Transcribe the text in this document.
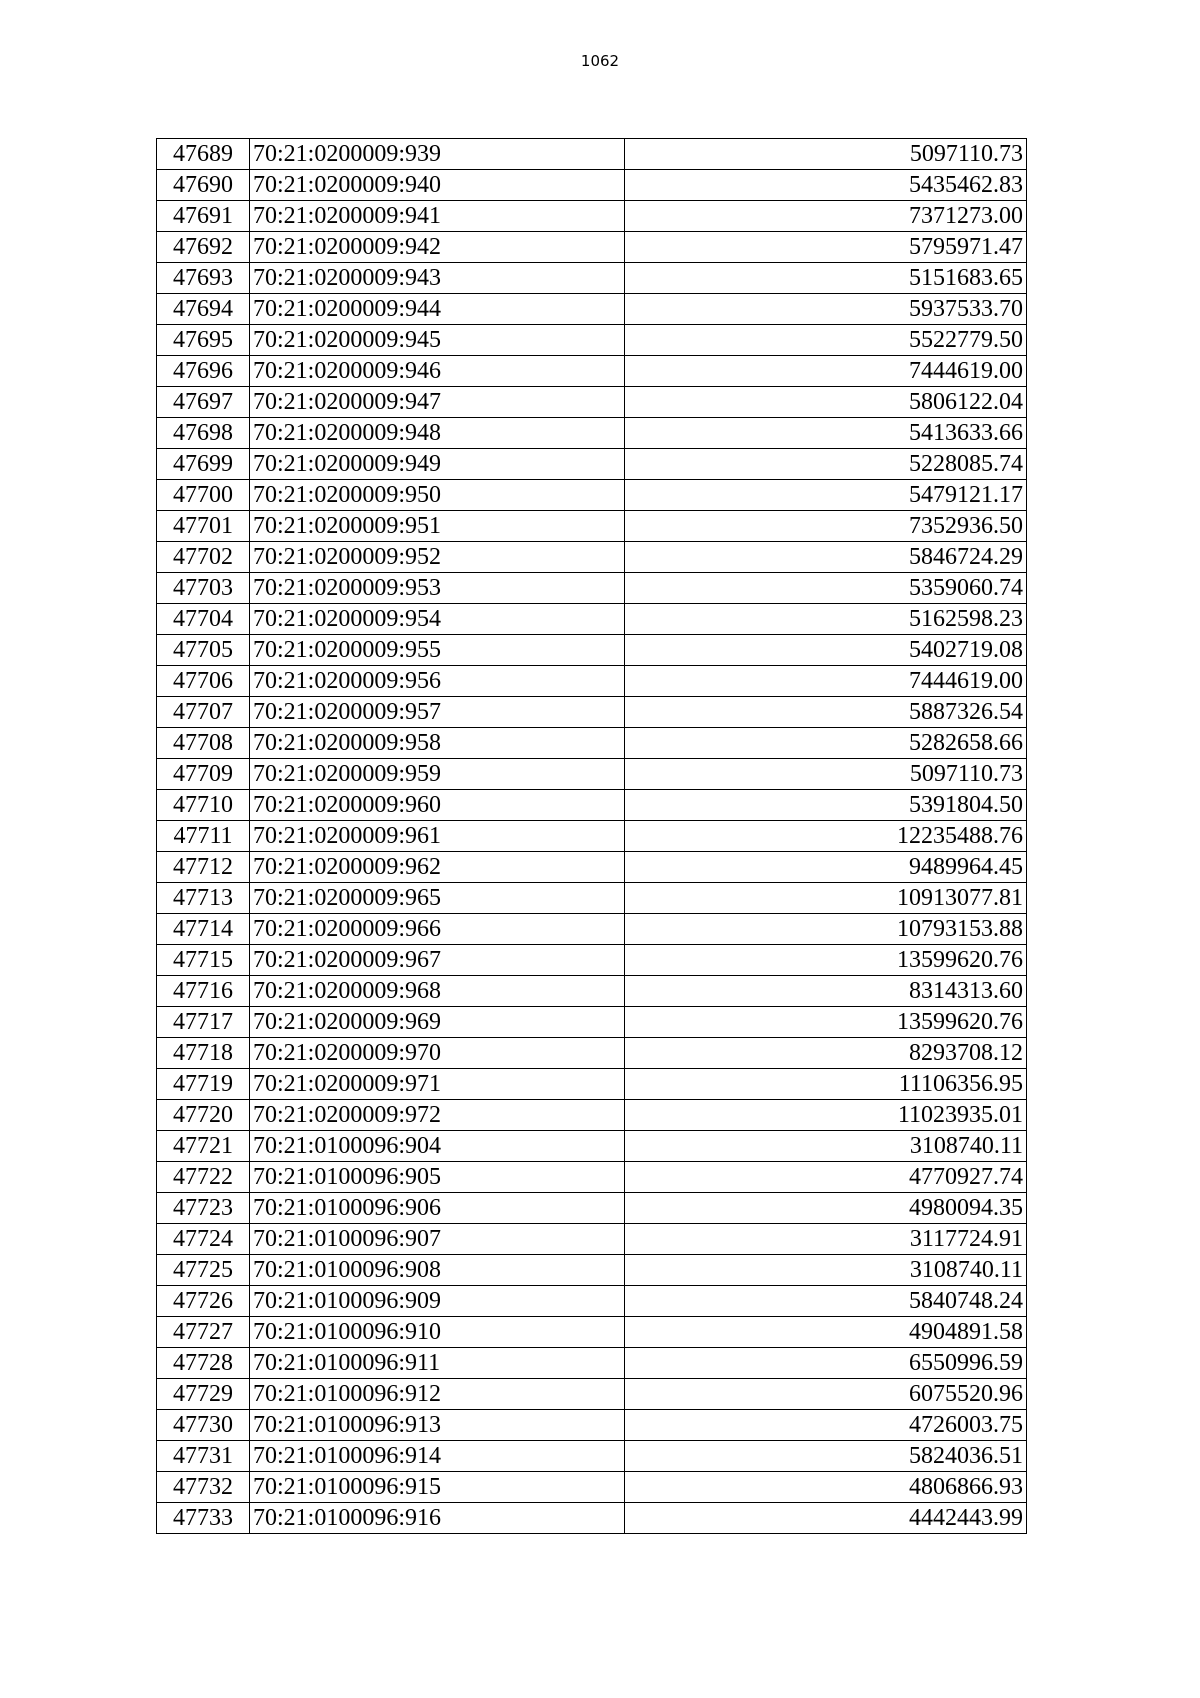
1062
47689	70:21:0200009:939	5097110.73
47690	70:21:0200009:940	5435462.83
47691	70:21:0200009:941	7371273.00
47692	70:21:0200009:942	5795971.47
47693	70:21:0200009:943	5151683.65
47694	70:21:0200009:944	5937533.70
47695	70:21:0200009:945	5522779.50
47696	70:21:0200009:946	7444619.00
47697	70:21:0200009:947	5806122.04
47698	70:21:0200009:948	5413633.66
47699	70:21:0200009:949	5228085.74
47700	70:21:0200009:950	5479121.17
47701	70:21:0200009:951	7352936.50
47702	70:21:0200009:952	5846724.29
47703	70:21:0200009:953	5359060.74
47704	70:21:0200009:954	5162598.23
47705	70:21:0200009:955	5402719.08
47706	70:21:0200009:956	7444619.00
47707	70:21:0200009:957	5887326.54
47708	70:21:0200009:958	5282658.66
47709	70:21:0200009:959	5097110.73
47710	70:21:0200009:960	5391804.50
47711	70:21:0200009:961	12235488.76
47712	70:21:0200009:962	9489964.45
47713	70:21:0200009:965	10913077.81
47714	70:21:0200009:966	10793153.88
47715	70:21:0200009:967	13599620.76
47716	70:21:0200009:968	8314313.60
47717	70:21:0200009:969	13599620.76
47718	70:21:0200009:970	8293708.12
47719	70:21:0200009:971	11106356.95
47720	70:21:0200009:972	11023935.01
47721	70:21:0100096:904	3108740.11
47722	70:21:0100096:905	4770927.74
47723	70:21:0100096:906	4980094.35
47724	70:21:0100096:907	3117724.91
47725	70:21:0100096:908	3108740.11
47726	70:21:0100096:909	5840748.24
47727	70:21:0100096:910	4904891.58
47728	70:21:0100096:911	6550996.59
47729	70:21:0100096:912	6075520.96
47730	70:21:0100096:913	4726003.75
47731	70:21:0100096:914	5824036.51
47732	70:21:0100096:915	4806866.93
47733	70:21:0100096:916	4442443.99
